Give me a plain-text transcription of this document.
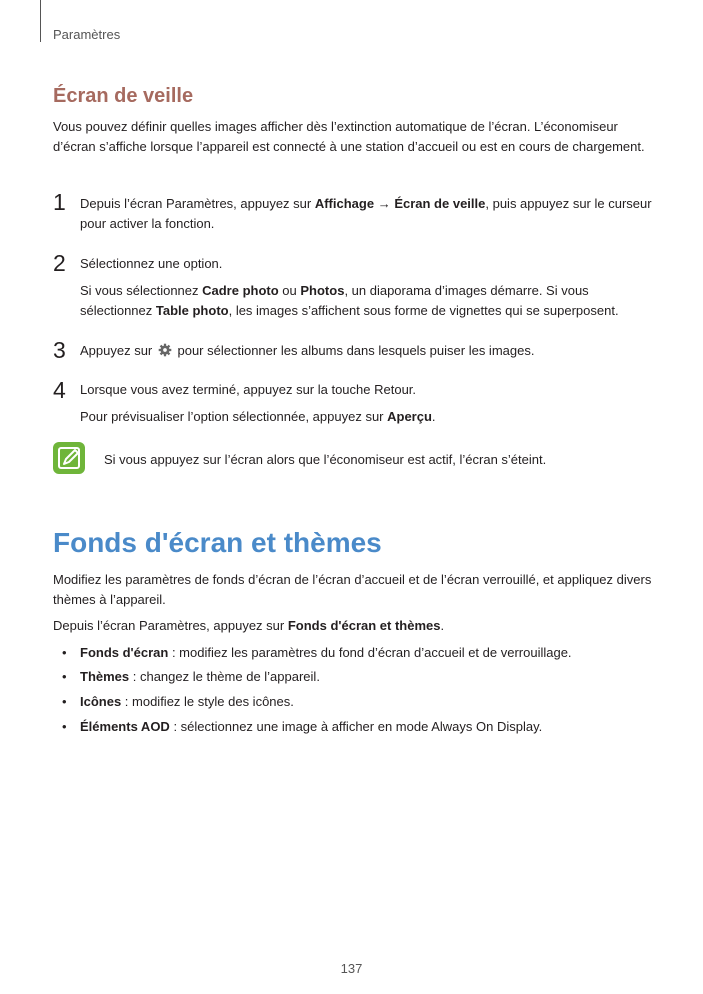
Paramètres
Écran de veille
Vous pouvez définir quelles images afficher dès l’extinction automatique de l’écran. L’économiseur d’écran s’affiche lorsque l’appareil est connecté à une station d’accueil ou est en cours de chargement.
1 Depuis l’écran Paramètres, appuyez sur Affichage → Écran de veille, puis appuyez sur le curseur pour activer la fonction.
2 Sélectionnez une option.
Si vous sélectionnez Cadre photo ou Photos, un diaporama d’images démarre. Si vous sélectionnez Table photo, les images s’affichent sous forme de vignettes qui se superposent.
3 Appuyez sur  pour sélectionner les albums dans lesquels puiser les images.
4 Lorsque vous avez terminé, appuyez sur la touche Retour.
Pour prévisualiser l’option sélectionnée, appuyez sur Aperçu.
Si vous appuyez sur l’écran alors que l’économiseur est actif, l’écran s’éteint.
Fonds d'écran et thèmes
Modifiez les paramètres de fonds d’écran de l’écran d’accueil et de l’écran verrouillé, et appliquez divers thèmes à l’appareil.
Depuis l’écran Paramètres, appuyez sur Fonds d'écran et thèmes.
• Fonds d'écran : modifiez les paramètres du fond d’écran d’accueil et de verrouillage.
• Thèmes : changez le thème de l’appareil.
• Icônes : modifiez le style des icônes.
• Éléments AOD : sélectionnez une image à afficher en mode Always On Display.
137
